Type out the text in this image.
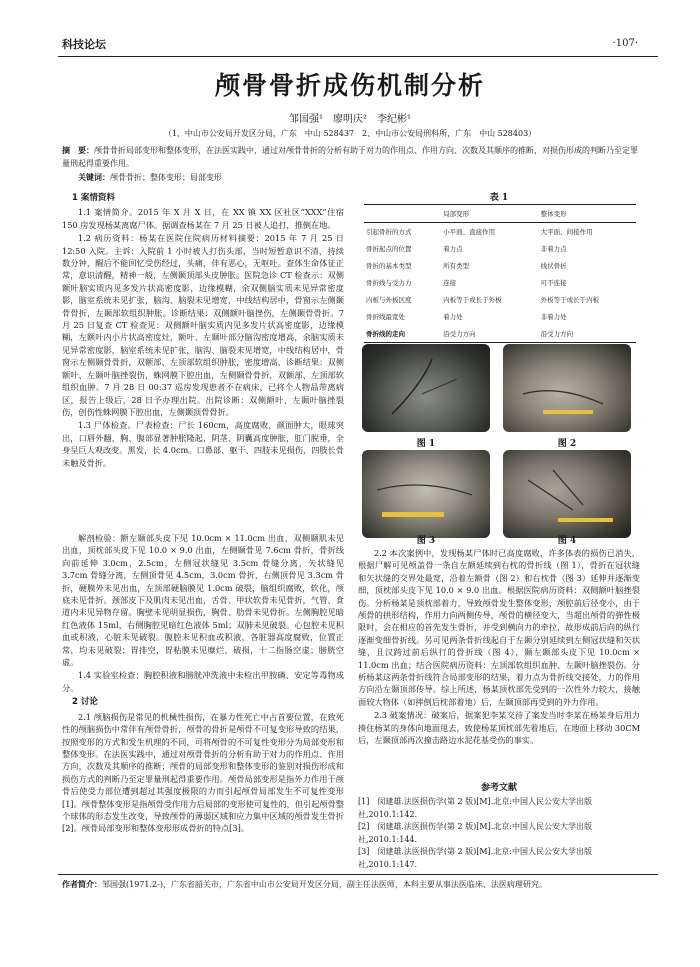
科技论坛	·107·
颅骨骨折成伤机制分析
邹国强¹　廖明庆²　李纪彬¹
（1、中山市公安局开发区分局，广东　中山 528437　2、中山市公安局刑科所，广东　中山 528403）
摘　要：颅骨骨折局部变形和整体变形，在法医实践中，通过对颅骨骨折的分析有助于对力的作用点、作用方向、次数及其顺序的推断，对损伤形成的判断乃至定罪量刑起得重要作用。
关键词：颅骨骨折；整体变形；局部变形

1 案情资料

1.1 案情简介。2015 年 X 月 X 日，在 XX 镇 XX 区社区“XXX”住宿 150 房发现杨某离腐尸体。据调查杨某在 7 月 25 日被人追打，推倒在地。

1.2 病历资料：杨某在医院住院病历材料摘要：2015 年 7 月 25 日 12:50 入院。主诉：入院前 1 小时被人打伤头部，当时短暂意识不清，持续数分钟，醒后不能回忆受伤经过，头痛，伴有恶心，无呕吐。查体生命体征正常，意识清醒，精神一般，左侧颞顶部头皮肿胀。医院急诊 CT 检查示：双侧额叶脑实质内见多发片状高密度影，边缘模糊，余双侧脑实质未见异常密度影，脑室系统未见扩张，脑沟、脑裂未见增宽，中线结构居中，骨窗示左侧颞骨骨折，左颞部软组织肿胀。诊断结果：双侧额叶脑挫伤，左侧颞骨骨折。7 月 25 日复查 CT 检查见：双侧额叶脑实质内见多发片状高密度影，边缘模糊，左额叶内小片状高密度灶，额叶、左颞叶部分脑沟密度增高，余脑实质未见异常密度影，脑室系统未见扩张，脑沟、脑裂未见增宽，中线结构居中，骨窗示左侧颞骨骨折，双额部、左顶部软组织肿胀，密度增高，诊断结果：双侧额叶、左颞叶脑挫裂伤，蛛网膜下腔出血，左侧颞骨骨折，双额部、左顶部软组织血肿。7 月 28 日 00:37 巡房发现患者不在病床，已将个人物品带离病区，报告上级后，28 日予办理出院。出院诊断：双侧额叶、左颞叶脑挫裂伤，创伤性蛛网膜下腔出血，左侧颞顶骨骨折。

1.3 尸体检查。尸表检查：尸长 160cm，高度腐败，颜面肿大，眼球突出，口唇外翻，胸、腹部显著肿胀隆起，阴茎、阴囊高度肿胀，肛门脱垂，全身呈巨人观改变。黑发，长 4.0cm。口鼻部、躯干、四肢未见损伤，四肢长骨未触及骨折。

解剖检验：额左颞部头皮下见 10.0cm × 11.0cm 出血，双侧颞肌未见出血，顶枕部头皮下见 10.0 × 9.0 出血，左侧颞骨见 7.6cm 骨折，骨折线向前延伸 3.0cm，2.5cm，左侧冠状缝见 3.5cm 骨缝分离，矢状缝见 3.7cm 骨缝分离，左侧顶骨见 4.5cm，3.0cm 骨折，右侧顶骨见 3.3cm 骨折，硬膜外未见出血，左顶部硬脑膜见 1.0cm 破裂，脑组织腐败，软化，颅底未见骨折。颈部皮下及肌肉未见出血，舌骨、甲状软骨未见骨折，气管、食道内未见异物存留。胸壁未见明显损伤，胸骨、肋骨未见骨折。左侧胸腔见暗红色液体 15ml，右侧胸腔见暗红色液体 5ml；双肺未见破裂。心包腔未见积血或积液，心脏未见破裂。腹腔未见积血或积液，各脏器高度腐败，位置正常，均未见破裂；胃排空，胃粘膜未见糜烂，破损，十二指肠空虚；膀胱空虚。

1.4 实验室检查：胸腔积液和膀胱冲洗液中未检出甲胺磷、安定等毒物成分。

2 讨论

2.1 颅脑损伤是常见的机械性损伤，在暴力性死亡中占首要位置，在致死性的颅脑损伤中常伴有颅骨骨折，颅骨的骨折是颅骨不可复变形导致的结果，按照变形的方式和发生机理的不同，可将颅骨的不可复性变形分为局部变形和整体变形。在法医实践中，通过对颅骨骨折的分析有助于对力的作用点、作用方向，次数及其顺序的推断；颅骨的局部变形和整体变形的鉴别对损伤形成和损伤方式的判断乃至定罪量刑起得重要作用。颅骨局部变形是指外力作用于颅骨后使受力部位遭到超过其强度极限的力而引起颅骨局部发生不可复性变形[1]。颅骨整体变形是指颅骨受作用力后局部的变形使可复性的，但引起颅骨整个球体的形态发生改变，导致颅骨的薄弱区域和应力集中区域的颅骨发生骨折[2]。颅骨局部变形和整体变形形成骨折的特点[3]。

表 1
	局部变形	整体变形
引起骨折的方式	小平面、直接作用	大平面、间接作用
骨折起点的位置	着力点	非着力点
骨折的基本类型	所有类型	线状骨折
骨折线与受力力	连接	可不连接
内板与外板区度	内板等于或长于外板	外板等于或长于内板
骨折线最宽处	着力处	非着力处
骨折线的走向	沿受力方向	沿受力方向
图 1	图 2
图 3	图 4

2.2 本次案例中，发现杨某尸体时已高度腐败，许多体表的损伤已消失，根据尸解可见颅盖骨一条自左额延续到右枕的骨折线（图 1），骨折在冠状缝和矢状缝的交界处最宽，沿着左额骨（图 2）和右枕骨（图 3）延伸并逐渐变细，顶枕部头皮下见 10.0 × 9.0 出血。根据医院病历资料：双侧额叶脑挫裂伤。分析杨某是顶枕部着力，导致颅骨发生整体变形，颅腔前后径变小，由于颅骨的拱形结构，作用力向两侧传导，颅骨的横径变大，当超出颅骨的弹性极限时，会在相应的首先发生骨折，并受到横向力的牵拉，故形成前后向的纵行逐渐变细骨折线。另可见两条骨折线起自于左颞分别延续到左侧冠状缝和矢状缝，且汉跨过前后纵行的骨折线（图 4），颞左颞部头皮下见 10.0cm × 11.0cm 出血；结合医院病历资料：左顶部软组织血肿、左颞叶脑挫裂伤。分析杨某这两条骨折线符合局部变形的结果，着力点为骨折线交接处，力的作用方向沿左颞顶部传导。综上所述，杨某顶枕部先受到的一次性外力较大，接触面较大物体（如摔倒后枕部着地）后，左颞顶部再受到的外力作用。

2.3 破案情况：破案后，据案犯李某交待了案发当时李某在杨某身后用力揍住杨某的身体向地面甩去，致使杨某顶枕部先着地后，在地面上移动 30CM 后，左颞顶部再次撞击路边水泥花基受伤的事实。

参考文献
[1]　闵建雄.法医损伤学(第 2 版)[M].北京:中国人民公安大学出版社,2010.1:142.
[2]　闵建雄.法医损伤学(第 2 版)[M].北京:中国人民公安大学出版社,2010.1:144.
[3]　闵建雄.法医损伤学(第 2 版)[M].北京:中国人民公安大学出版社,2010.1:147.
作者简介：邹国强(1971.2-)，广东省韶关市，广东省中山市公安局开发区分局，副主任法医师，本科主要从事法医临床、法医病理研究。
